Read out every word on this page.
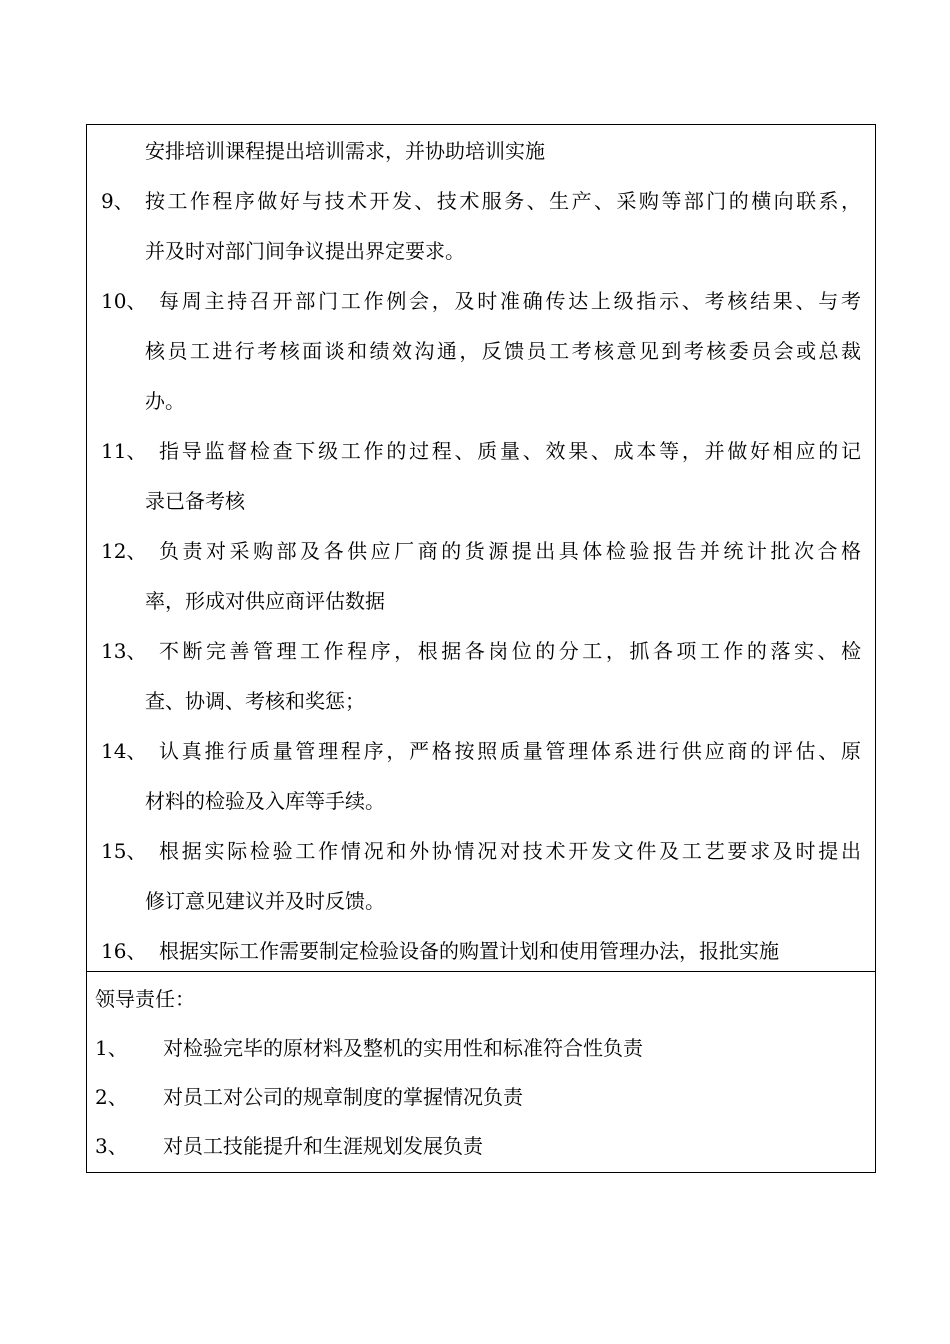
安排培训课程提出培训需求，并协助培训实施
9、 按工作程序做好与技术开发、技术服务、生产、采购等部门的横向联系，
并及时对部门间争议提出界定要求。
10、 每周主持召开部门工作例会，及时准确传达上级指示、考核结果、与考
核员工进行考核面谈和绩效沟通，反馈员工考核意见到考核委员会或总裁
办。
11、 指导监督检查下级工作的过程、质量、效果、成本等，并做好相应的记
录已备考核
12、 负责对采购部及各供应厂商的货源提出具体检验报告并统计批次合格
率，形成对供应商评估数据
13、 不断完善管理工作程序，根据各岗位的分工，抓各项工作的落实、检
查、协调、考核和奖惩；
14、 认真推行质量管理程序，严格按照质量管理体系进行供应商的评估、原
材料的检验及入库等手续。
15、 根据实际检验工作情况和外协情况对技术开发文件及工艺要求及时提出
修订意见建议并及时反馈。
16、 根据实际工作需要制定检验设备的购置计划和使用管理办法，报批实施
领导责任：
1、 对检验完毕的原材料及整机的实用性和标准符合性负责
2、 对员工对公司的规章制度的掌握情况负责
3、 对员工技能提升和生涯规划发展负责
